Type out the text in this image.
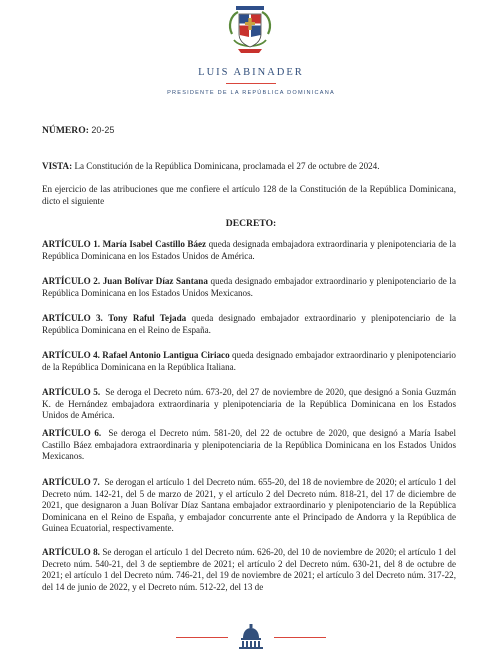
LUIS ABINADER
PRESIDENTE DE LA REPÚBLICA DOMINICANA
NÚMERO: 20-25
VISTA: La Constitución de la República Dominicana, proclamada el 27 de octubre de 2024.
En ejercicio de las atribuciones que me confiere el artículo 128 de la Constitución de la República Dominicana, dicto el siguiente
DECRETO:
ARTÍCULO 1. María Isabel Castillo Báez queda designada embajadora extraordinaria y plenipotenciaria de la República Dominicana en los Estados Unidos de América.
ARTÍCULO 2. Juan Bolívar Díaz Santana queda designado embajador extraordinario y plenipotenciario de la República Dominicana en los Estados Unidos Mexicanos.
ARTÍCULO 3. Tony Raful Tejada queda designado embajador extraordinario y plenipotenciario de la República Dominicana en el Reino de España.
ARTÍCULO 4. Rafael Antonio Lantigua Ciriaco queda designado embajador extraordinario y plenipotenciario de la República Dominicana en la República Italiana.
ARTÍCULO 5. Se deroga el Decreto núm. 673-20, del 27 de noviembre de 2020, que designó a Sonia Guzmán K. de Hernández embajadora extraordinaria y plenipotenciaria de la República Dominicana en los Estados Unidos de América.
ARTÍCULO 6. Se deroga el Decreto núm. 581-20, del 22 de octubre de 2020, que designó a María Isabel Castillo Báez embajadora extraordinaria y plenipotenciaria de la República Dominicana en los Estados Unidos Mexicanos.
ARTÍCULO 7. Se derogan el artículo 1 del Decreto núm. 655-20, del 18 de noviembre de 2020; el artículo 1 del Decreto núm. 142-21, del 5 de marzo de 2021, y el artículo 2 del Decreto núm. 818-21, del 17 de diciembre de 2021, que designaron a Juan Bolívar Díaz Santana embajador extraordinario y plenipotenciario de la República Dominicana en el Reino de España, y embajador concurrente ante el Principado de Andorra y la República de Guinea Ecuatorial, respectivamente.
ARTÍCULO 8. Se derogan el artículo 1 del Decreto núm. 626-20, del 10 de noviembre de 2020; el artículo 1 del Decreto núm. 540-21, del 3 de septiembre de 2021; el artículo 2 del Decreto núm. 630-21, del 8 de octubre de 2021; el artículo 1 del Decreto núm. 746-21, del 19 de noviembre de 2021; el artículo 3 del Decreto núm. 317-22, del 14 de junio de 2022, y el Decreto núm. 512-22, del 13 de
